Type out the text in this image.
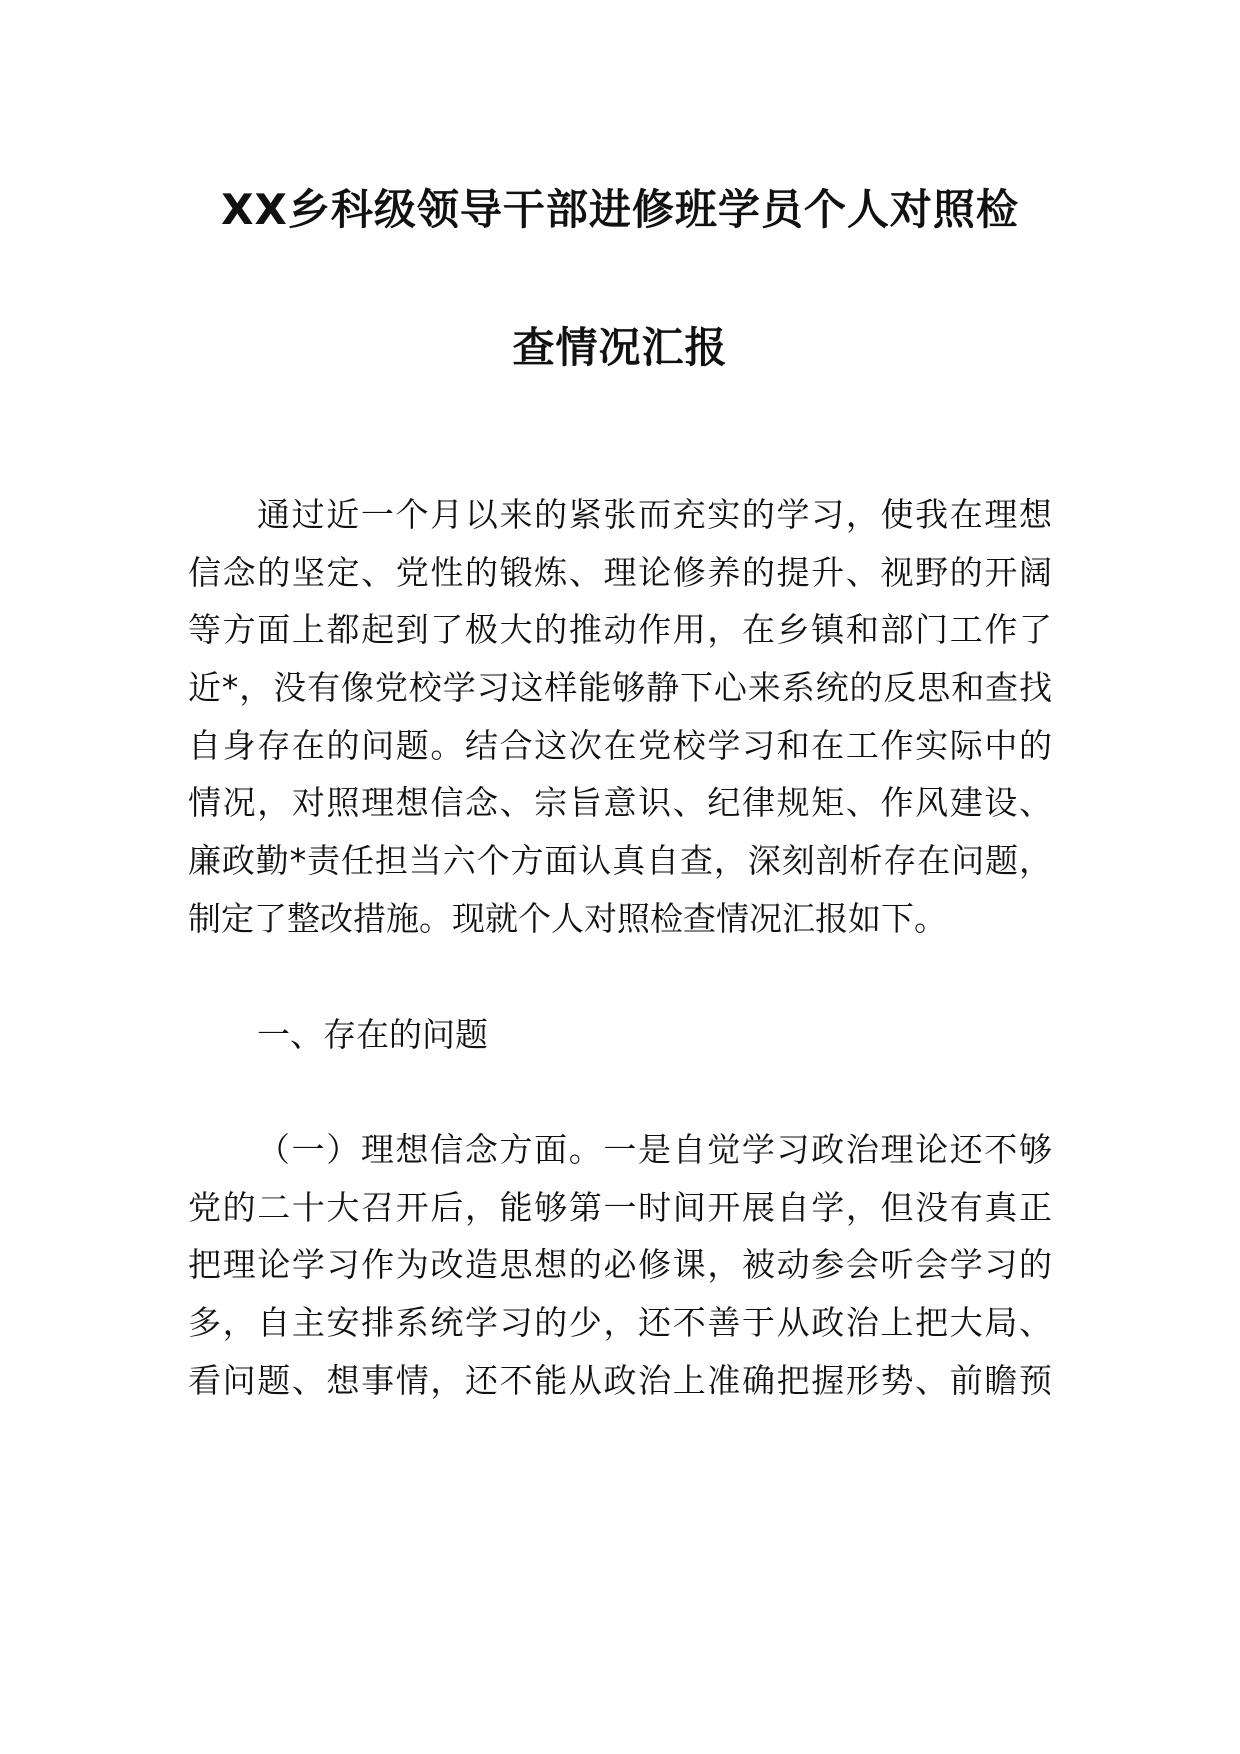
XX乡科级领导干部进修班学员个人对照检
查情况汇报
通过近一个月以来的紧张而充实的学习，使我在理想
信念的坚定、党性的锻炼、理论修养的提升、视野的开阔
等方面上都起到了极大的推动作用，在乡镇和部门工作了
近*，没有像党校学习这样能够静下心来系统的反思和查找
自身存在的问题。结合这次在党校学习和在工作实际中的
情况，对照理想信念、宗旨意识、纪律规矩、作风建设、
廉政勤*责任担当六个方面认真自查，深刻剖析存在问题，
制定了整改措施。现就个人对照检查情况汇报如下。
一、存在的问题
（一）理想信念方面。一是自觉学习政治理论还不够
党的二十大召开后，能够第一时间开展自学，但没有真正
把理论学习作为改造思想的必修课，被动参会听会学习的
多，自主安排系统学习的少，还不善于从政治上把大局、
看问题、想事情，还不能从政治上准确把握形势、前瞻预
